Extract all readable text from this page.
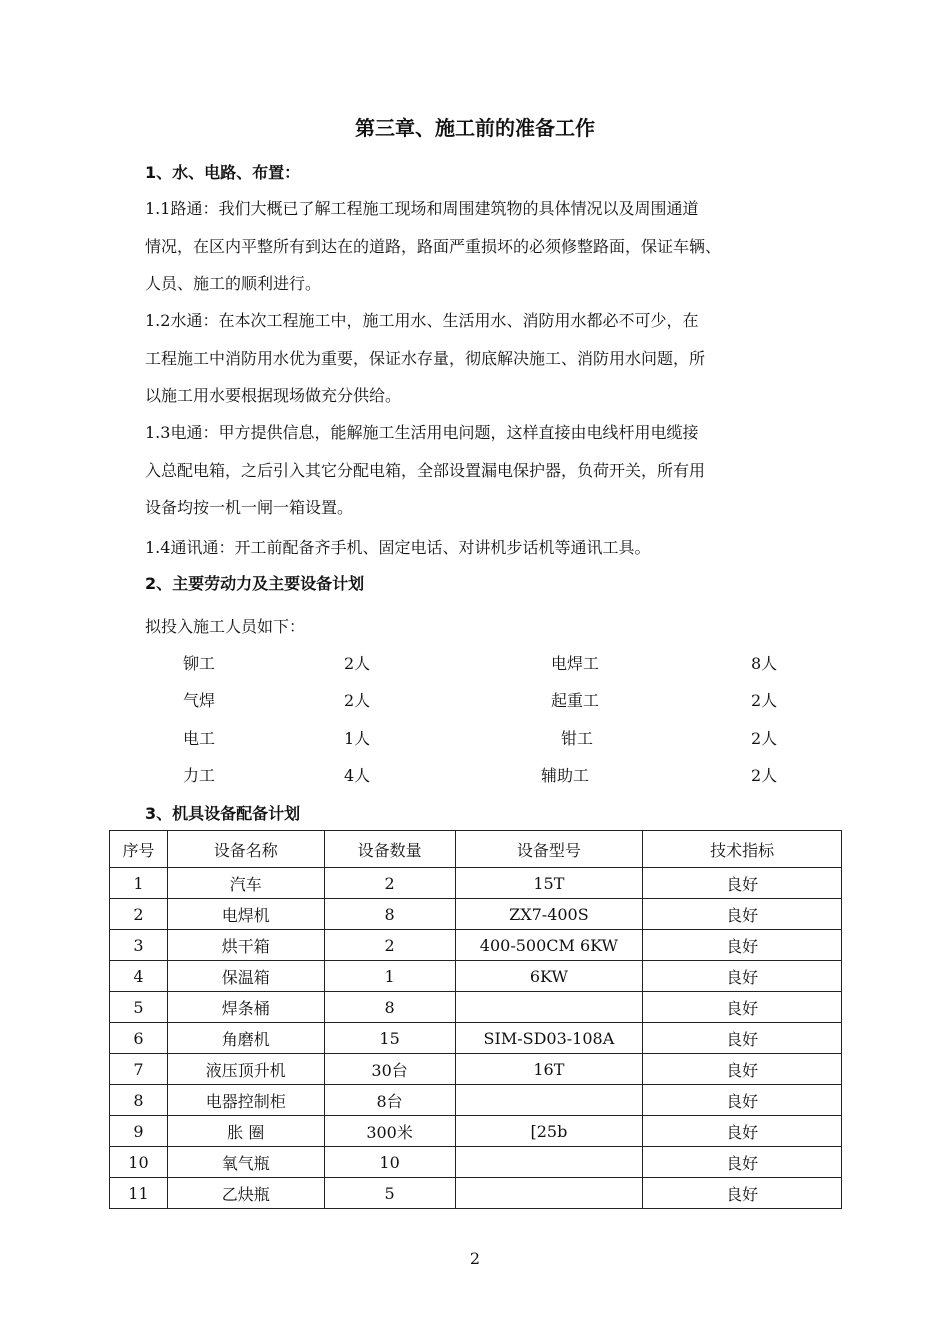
第三章、施工前的准备工作
1、水、电路、布置：

1.1路通：我们大概已了解工程施工现场和周围建筑物的具体情况以及周围通道

情况，在区内平整所有到达在的道路，路面严重损坏的必须修整路面，保证车辆、

人员、施工的顺利进行。

1.2水通：在本次工程施工中，施工用水、生活用水、消防用水都必不可少，在

工程施工中消防用水优为重要，保证水存量，彻底解决施工、消防用水问题，所

以施工用水要根据现场做充分供给。

1.3电通：甲方提供信息，能解施工生活用电问题，这样直接由电线杆用电缆接

入总配电箱，之后引入其它分配电箱，全部设置漏电保护器，负荷开关，所有用

设备均按一机一闸一箱设置。

1.4通讯通：开工前配备齐手机、固定电话、对讲机步话机等通讯工具。
2、主要劳动力及主要设备计划
拟投入施工人员如下：
铆工	2人	电焊工	8人
气焊	2人	起重工	2人
电工	1人	钳工	2人
力工	4人	辅助工	2人
3、机具设备配备计划
序号	设备名称	设备数量	设备型号	技术指标
1	汽车	2	15T	良好
2	电焊机	8	ZX7-400S	良好
3	烘干箱	2	400-500CM 6KW	良好
4	保温箱	1	6KW	良好
5	焊条桶	8		良好
6	角磨机	15	SIM-SD03-108A	良好
7	液压顶升机	30台	16T	良好
8	电器控制柜	8台		良好
9	胀 圈	300米	[25b	良好
10	氧气瓶	10		良好
11	乙炔瓶	5		良好
2
